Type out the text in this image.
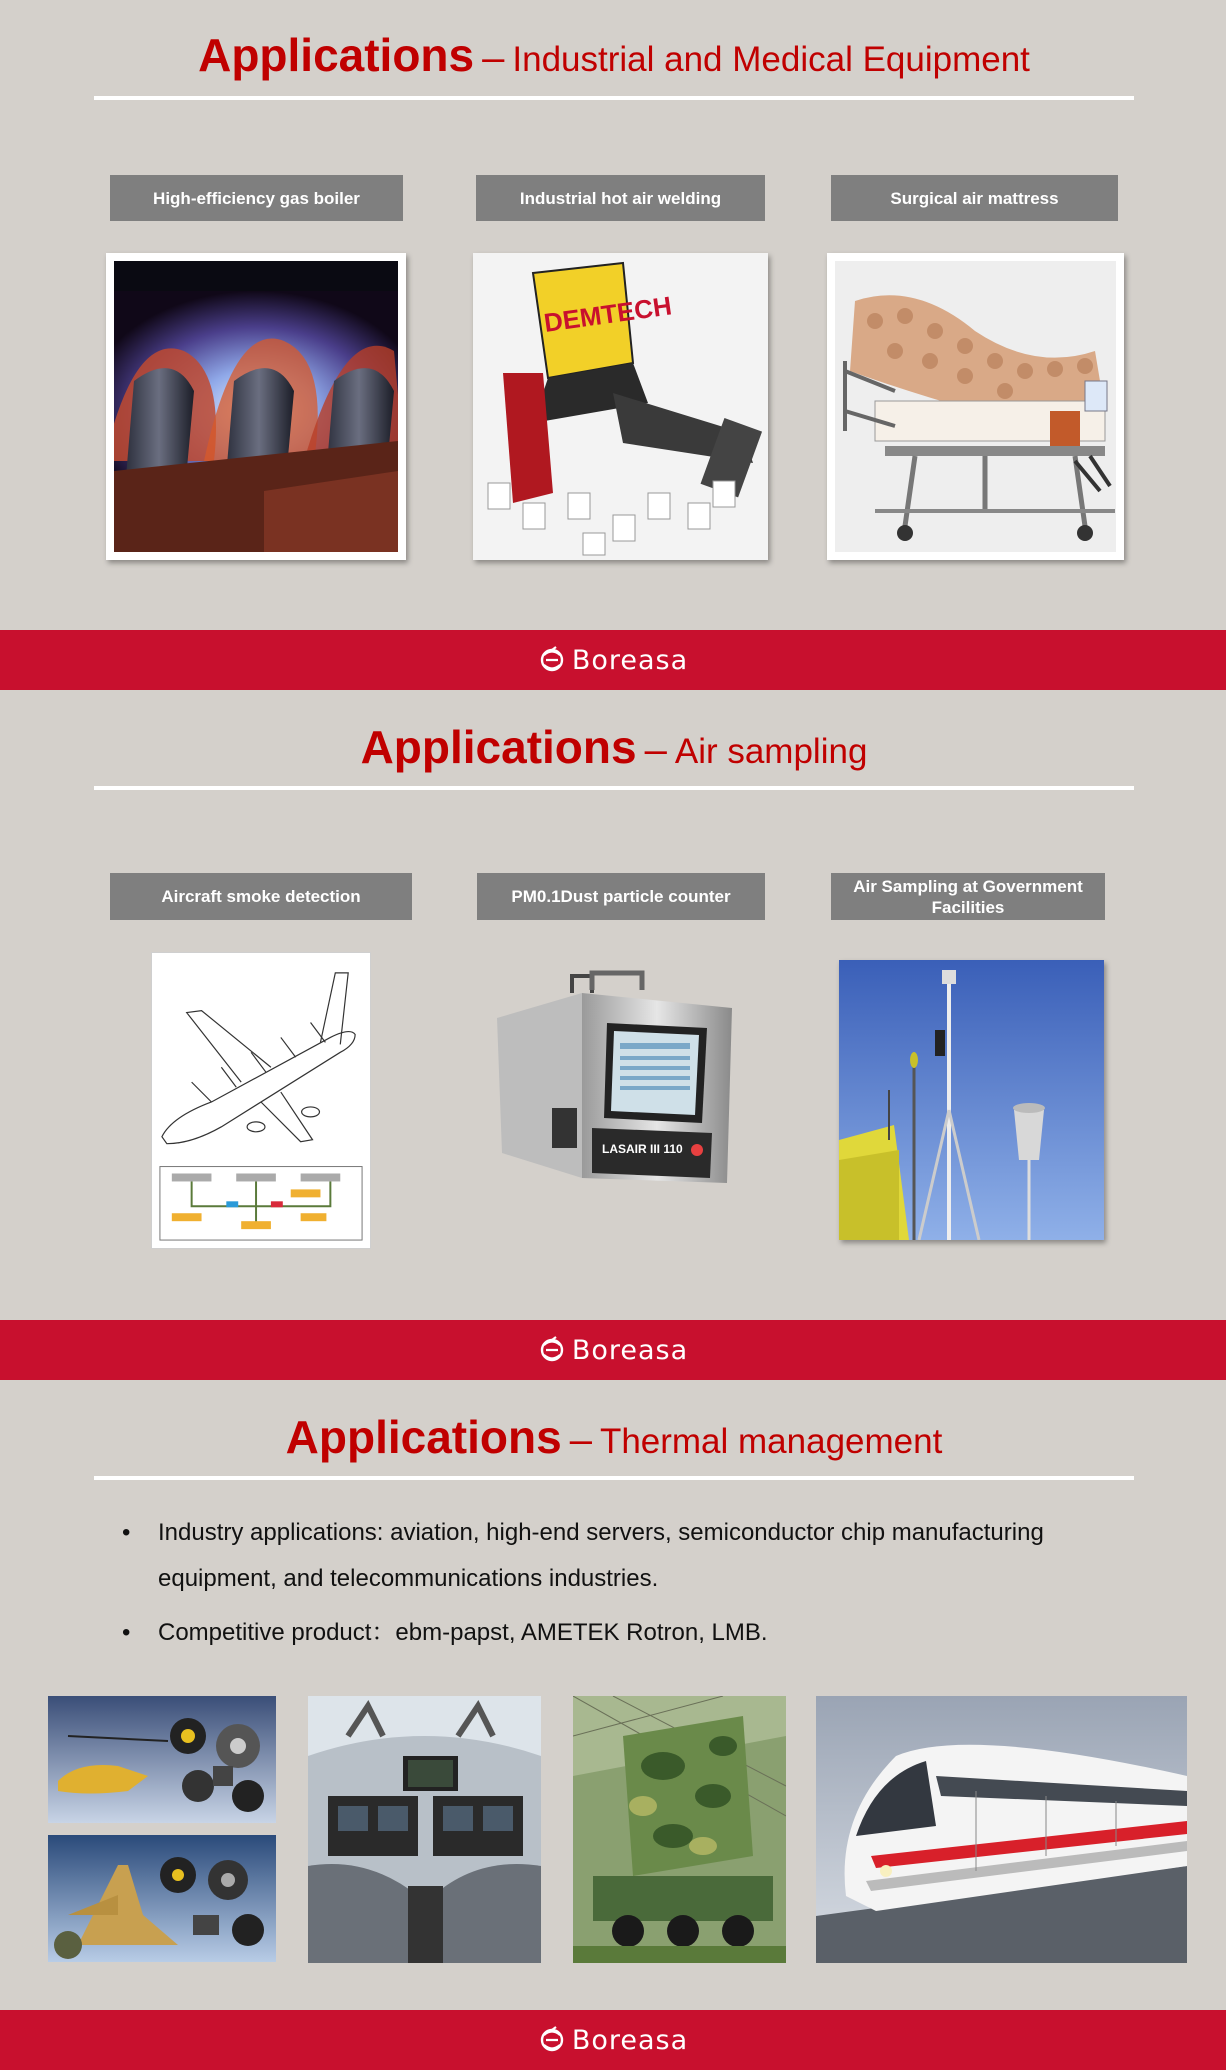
Applications – Industrial and Medical Equipment
High-efficiency gas boiler	Industrial hot air welding	Surgical air mattress
DEMTECH
Boreasa
Applications – Air sampling
Aircraft smoke detection	PM0.1Dust particle counter
Air Sampling at Government Facilities
LASAIR III 110
Boreasa
Applications – Thermal management
• Industry applications: aviation, high-end servers, semiconductor chip manufacturing equipment, and telecommunications industries.
• Competitive product：ebm-papst, AMETEK Rotron, LMB.
Boreasa
